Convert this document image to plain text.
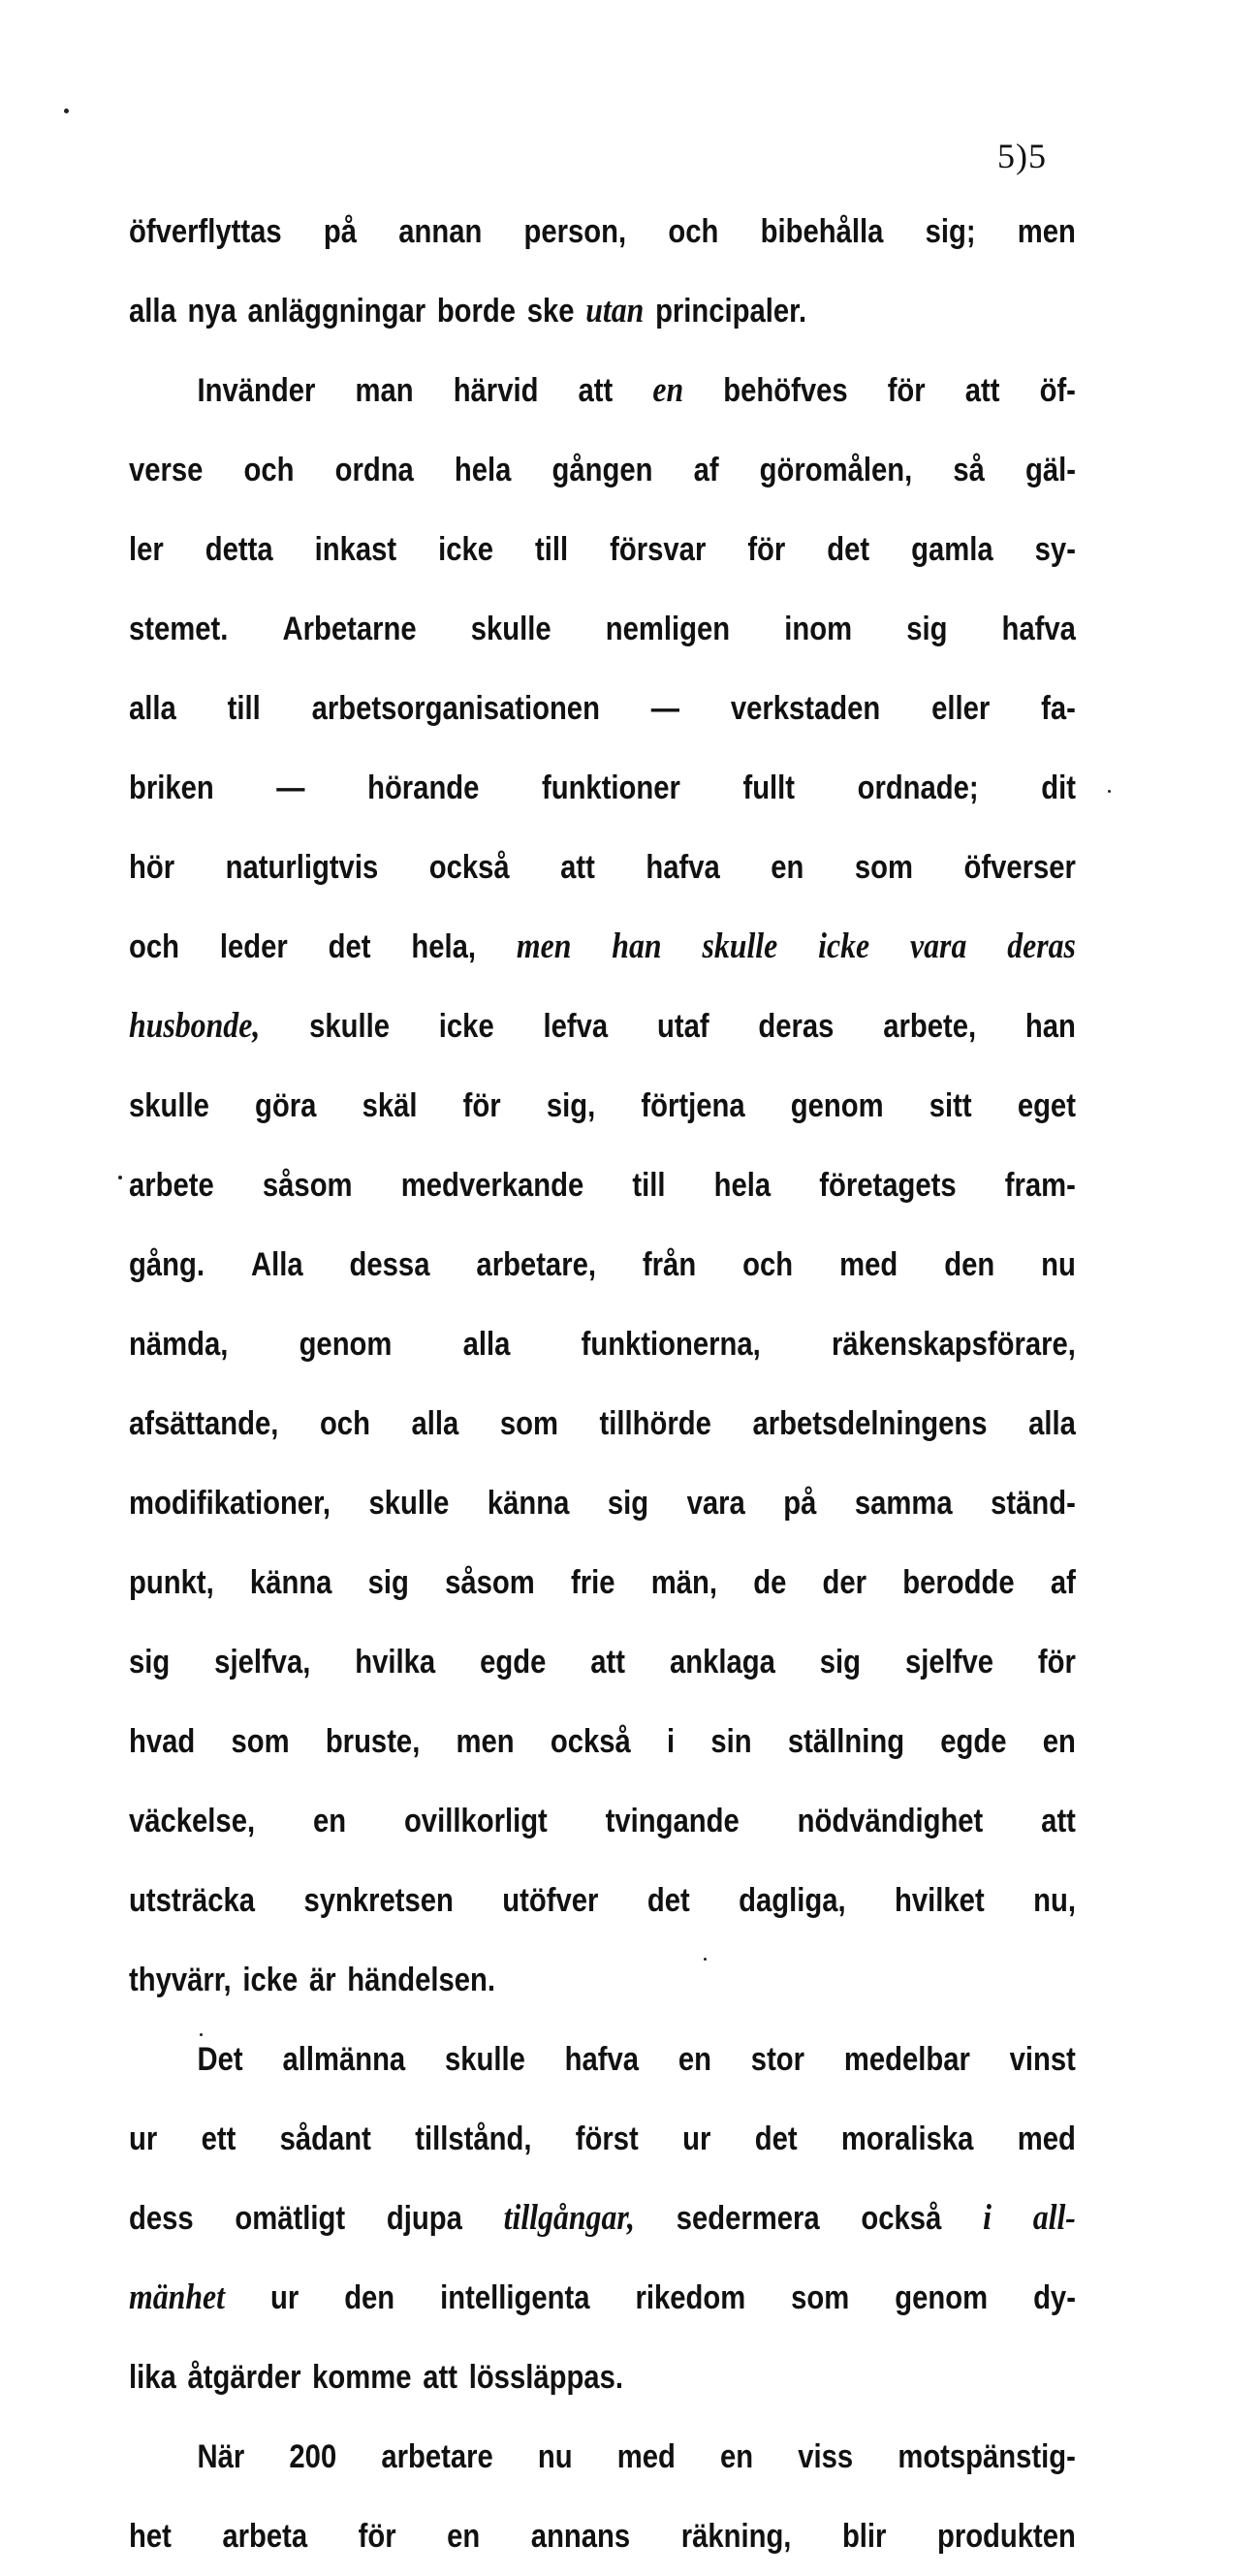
5)5
öfverflyttas på annan person, och bibehålla sig; men
alla nya anläggningar borde ske utan principaler.
Invänder man härvid att en behöfves för att öf-
verse och ordna hela gången af göromålen, så gäl-
ler detta inkast icke till försvar för det gamla sy-
stemet. Arbetarne skulle nemligen inom sig hafva
alla till arbetsorganisationen — verkstaden eller fa-
briken — hörande funktioner fullt ordnade; dit
hör naturligtvis också att hafva en som öfverser
och leder det hela, men han skulle icke vara deras
husbonde, skulle icke lefva utaf deras arbete, han
skulle göra skäl för sig, förtjena genom sitt eget
arbete såsom medverkande till hela företagets fram-
gång. Alla dessa arbetare, från och med den nu
nämda, genom alla funktionerna, räkenskapsförare,
afsättande, och alla som tillhörde arbetsdelningens alla
modifikationer, skulle känna sig vara på samma ständ-
punkt, känna sig såsom frie män, de der berodde af
sig sjelfva, hvilka egde att anklaga sig sjelfve för
hvad som bruste, men också i sin ställning egde en
väckelse, en ovillkorligt tvingande nödvändighet att
utsträcka synkretsen utöfver det dagliga, hvilket nu,
thyvärr, icke är händelsen.
Det allmänna skulle hafva en stor medelbar vinst
ur ett sådant tillstånd, först ur det moraliska med
dess omätligt djupa tillgångar, sedermera också i all-
mänhet ur den intelligenta rikedom som genom dy-
lika åtgärder komme att lössläppas.
När 200 arbetare nu med en viss motspänstig-
het arbeta för en annans räkning, blir produkten
